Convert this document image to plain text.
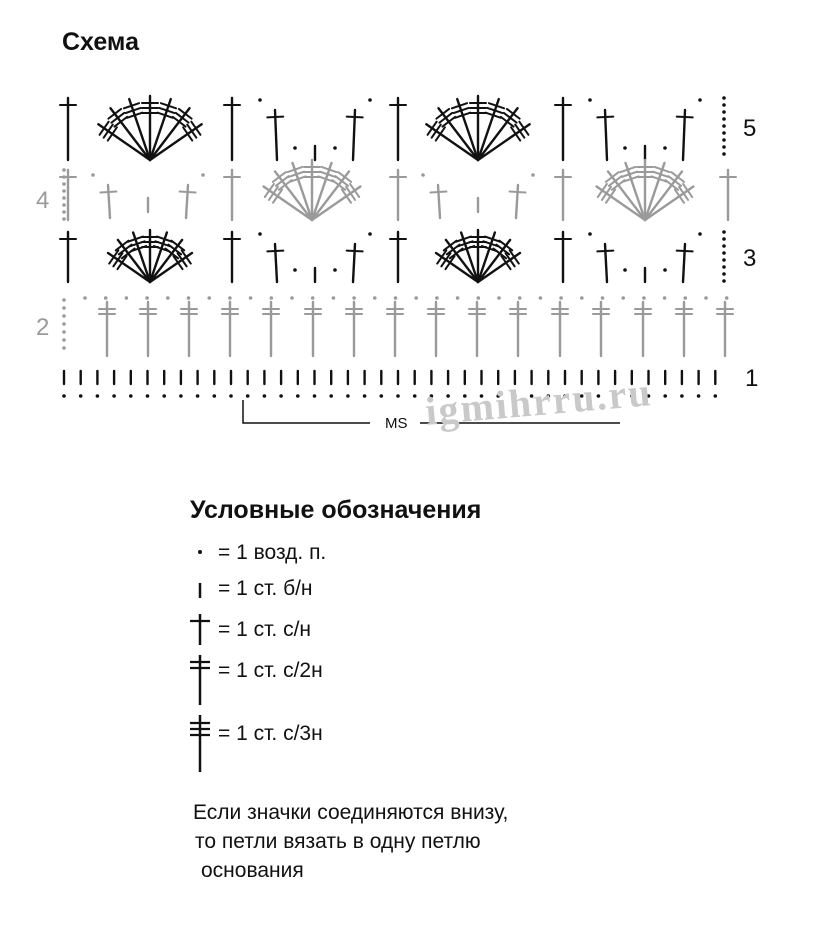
Схема
5
4
3
2
1
MS igmihrru.ru
Условные обозначения
= 1 возд. п.
= 1 ст. б/н
= 1 ст. с/н
= 1 ст. с/2н
= 1 ст. с/3н
Если значки соединяются внизу,
то петли вязать в одну петлю
основания
